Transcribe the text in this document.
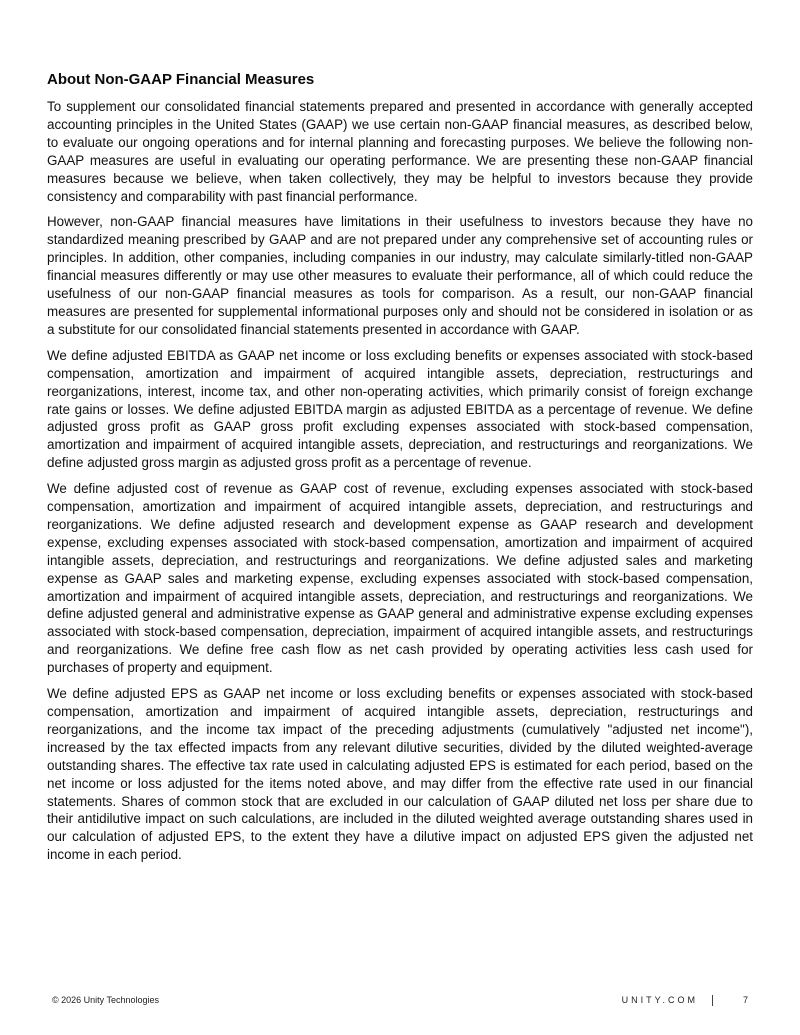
About Non-GAAP Financial Measures

To supplement our consolidated financial statements prepared and presented in accordance with generally accepted accounting principles in the United States (GAAP) we use certain non-GAAP financial measures, as described below, to evaluate our ongoing operations and for internal planning and forecasting purposes. We believe the following non-GAAP measures are useful in evaluating our operating performance. We are presenting these non-GAAP financial measures because we believe, when taken collectively, they may be helpful to investors because they provide consistency and comparability with past financial performance.

However, non-GAAP financial measures have limitations in their usefulness to investors because they have no standardized meaning prescribed by GAAP and are not prepared under any comprehensive set of accounting rules or principles. In addition, other companies, including companies in our industry, may calculate similarly-titled non-GAAP financial measures differently or may use other measures to evaluate their performance, all of which could reduce the usefulness of our non-GAAP financial measures as tools for comparison. As a result, our non-GAAP financial measures are presented for supplemental informational purposes only and should not be considered in isolation or as a substitute for our consolidated financial statements presented in accordance with GAAP.

We define adjusted EBITDA as GAAP net income or loss excluding benefits or expenses associated with stock-based compensation, amortization and impairment of acquired intangible assets, depreciation, restructurings and reorganizations, interest, income tax, and other non-operating activities, which primarily consist of foreign exchange rate gains or losses. We define adjusted EBITDA margin as adjusted EBITDA as a percentage of revenue. We define adjusted gross profit as GAAP gross profit excluding expenses associated with stock-based compensation, amortization and impairment of acquired intangible assets, depreciation, and restructurings and reorganizations. We define adjusted gross margin as adjusted gross profit as a percentage of revenue.

We define adjusted cost of revenue as GAAP cost of revenue, excluding expenses associated with stock-based compensation, amortization and impairment of acquired intangible assets, depreciation, and restructurings and reorganizations. We define adjusted research and development expense as GAAP research and development expense, excluding expenses associated with stock-based compensation, amortization and impairment of acquired intangible assets, depreciation, and restructurings and reorganizations. We define adjusted sales and marketing expense as GAAP sales and marketing expense, excluding expenses associated with stock-based compensation, amortization and impairment of acquired intangible assets, depreciation, and restructurings and reorganizations. We define adjusted general and administrative expense as GAAP general and administrative expense excluding expenses associated with stock-based compensation, depreciation, impairment of acquired intangible assets, and restructurings and reorganizations. We define free cash flow as net cash provided by operating activities less cash used for purchases of property and equipment.

We define adjusted EPS as GAAP net income or loss excluding benefits or expenses associated with stock-based compensation, amortization and impairment of acquired intangible assets, depreciation, restructurings and reorganizations, and the income tax impact of the preceding adjustments (cumulatively "adjusted net income"), increased by the tax effected impacts from any relevant dilutive securities, divided by the diluted weighted-average outstanding shares. The effective tax rate used in calculating adjusted EPS is estimated for each period, based on the net income or loss adjusted for the items noted above, and may differ from the effective rate used in our financial statements. Shares of common stock that are excluded in our calculation of GAAP diluted net loss per share due to their antidilutive impact on such calculations, are included in the diluted weighted average outstanding shares used in our calculation of adjusted EPS, to the extent they have a dilutive impact on adjusted EPS given the adjusted net income in each period.

© 2026 Unity Technologies	UNITY.COM	7
